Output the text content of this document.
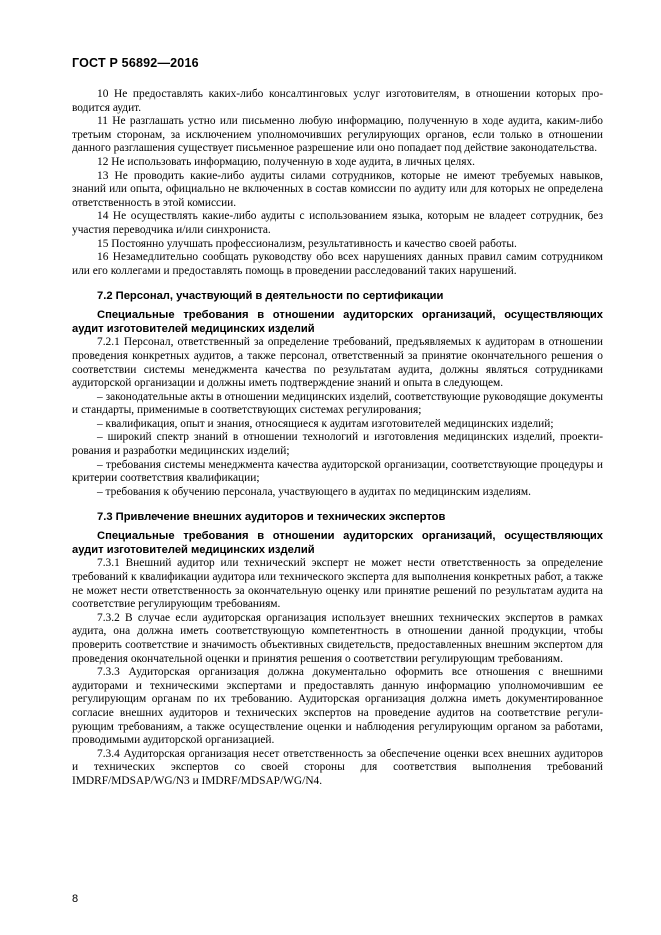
ГОСТ Р 56892—2016

10 Не предоставлять каких-либо консалтинговых услуг изготовителям, в отношении которых проводится аудит.

11 Не разглашать устно или письменно любую информацию, полученную в ходе аудита, каким-либо третьим сторонам, за исключением уполномочивших регулирующих органов, если только в отношении данного разглашения существует письменное разрешение или оно попадает под действие законодательства.

12 Не использовать информацию, полученную в ходе аудита, в личных целях.

13 Не проводить какие-либо аудиты силами сотрудников, которые не имеют требуемых навыков, знаний или опыта, официально не включенных в состав комиссии по аудиту или для которых не определена ответственность в этой комиссии.

14 Не осуществлять какие-либо аудиты с использованием языка, которым не владеет сотрудник, без участия переводчика и/или синхрониста.

15 Постоянно улучшать профессионализм, результативность и качество своей работы.

16 Незамедлительно сообщать руководству обо всех нарушениях данных правил самим сотрудником или его коллегами и предоставлять помощь в проведении расследований таких нарушений.

7.2 Персонал, участвующий в деятельности по сертификации
Специальные требования в отношении аудиторских организаций, осуществляющих аудит изготовителей медицинских изделий

7.2.1 Персонал, ответственный за определение требований, предъявляемых к аудиторам в отношении проведения конкретных аудитов, а также персонал, ответственный за принятие окончательного решения о соответствии системы менеджмента качества по результатам аудита, должны являться сотрудниками аудиторской организации и должны иметь подтверждение знаний и опыта в следующем.

– законодательные акты в отношении медицинских изделий, соответствующие руководящие документы и стандарты, применимые в соответствующих системах регулирования;

– квалификация, опыт и знания, относящиеся к аудитам изготовителей медицинских изделий;

– широкий спектр знаний в отношении технологий и изготовления медицинских изделий, проектирования и разработки медицинских изделий;

– требования системы менеджмента качества аудиторской организации, соответствующие процедуры и критерии соответствия квалификации;

– требования к обучению персонала, участвующего в аудитах по медицинским изделиям.

7.3 Привлечение внешних аудиторов и технических экспертов
Специальные требования в отношении аудиторских организаций, осуществляющих аудит изготовителей медицинских изделий

7.3.1 Внешний аудитор или технический эксперт не может нести ответственность за определение требований к квалификации аудитора или технического эксперта для выполнения конкретных работ, а также не может нести ответственность за окончательную оценку или принятие решений по результатам аудита на соответствие регулирующим требованиям.

7.3.2 В случае если аудиторская организация использует внешних технических экспертов в рамках аудита, она должна иметь соответствующую компетентность в отношении данной продукции, чтобы проверить соответствие и значимость объективных свидетельств, предоставленных внешним экспертом для проведения окончательной оценки и принятия решения о соответствии регулирующим требованиям.

7.3.3 Аудиторская организация должна документально оформить все отношения с внешними аудиторами и техническими экспертами и предоставлять данную информацию уполномочившим ее регулирующим органам по их требованию. Аудиторская организация должна иметь документированное согласие внешних аудиторов и технических экспертов на проведение аудитов на соответствие регулирующим требованиям, а также осуществление оценки и наблюдения регулирующим органом за работами, проводимыми аудиторской организацией.

7.3.4 Аудиторская организация несет ответственность за обеспечение оценки всех внешних аудиторов и технических экспертов со своей стороны для соответствия выполнения требований IMDRF/MDSAP/WG/N3 и IMDRF/MDSAP/WG/N4.

8
